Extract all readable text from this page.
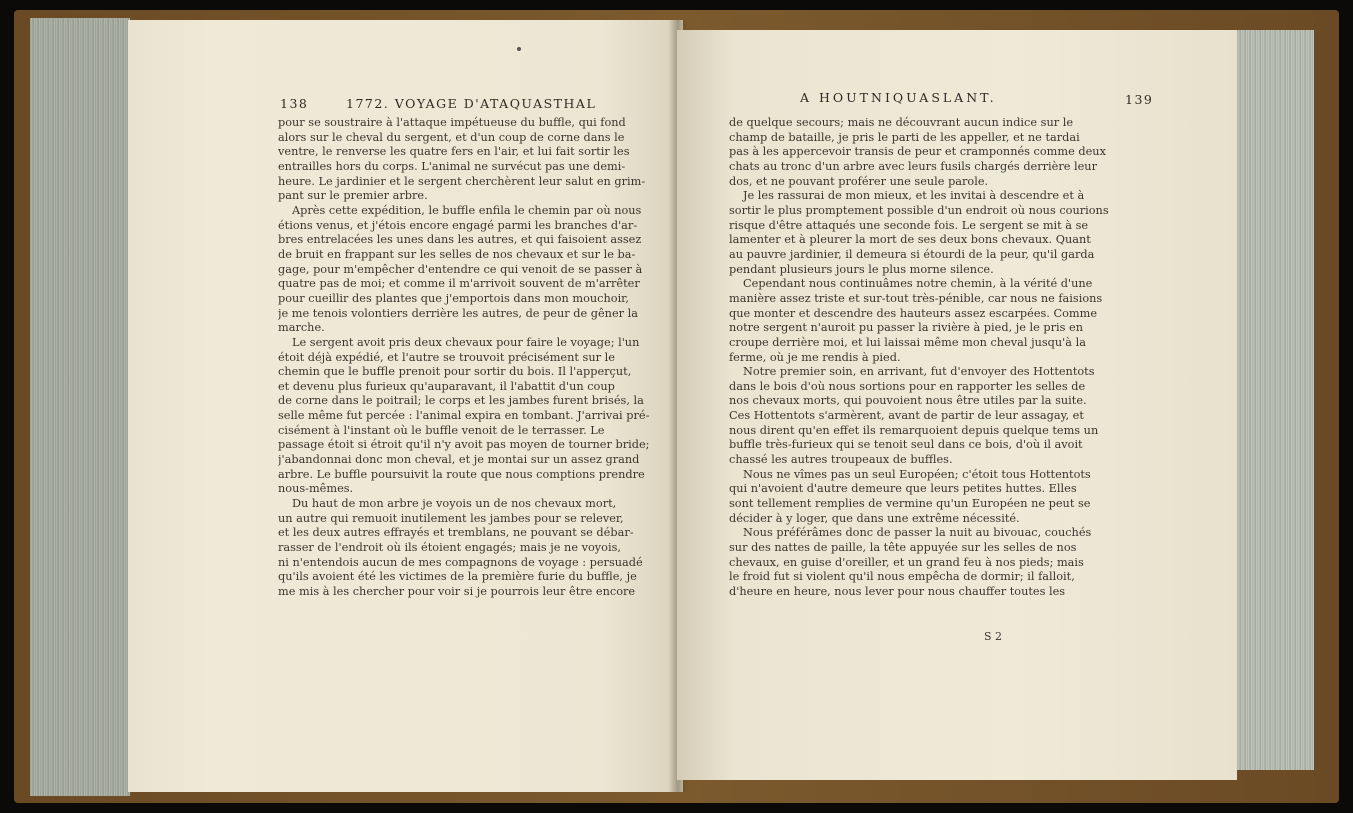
138	1772. VOYAGE D'ATAQUASTHAL
pour se soustraire à l'attaque impétueuse du buffle, qui fond
alors sur le cheval du sergent, et d'un coup de corne dans le
ventre, le renverse les quatre fers en l'air, et lui fait sortir les
entrailles hors du corps. L'animal ne survécut pas une demi-
heure. Le jardinier et le sergent cherchèrent leur salut en grim-
pant sur le premier arbre.
Après cette expédition, le buffle enfila le chemin par où nous
étions venus, et j'étois encore engagé parmi les branches d'ar-
bres entrelacées les unes dans les autres, et qui faisoient assez
de bruit en frappant sur les selles de nos chevaux et sur le ba-
gage, pour m'empêcher d'entendre ce qui venoit de se passer à
quatre pas de moi; et comme il m'arrivoit souvent de m'arrêter
pour cueillir des plantes que j'emportois dans mon mouchoir,
je me tenois volontiers derrière les autres, de peur de gêner la
marche.
Le sergent avoit pris deux chevaux pour faire le voyage; l'un
étoit déjà expédié, et l'autre se trouvoit précisément sur le
chemin que le buffle prenoit pour sortir du bois. Il l'apperçut,
et devenu plus furieux qu'auparavant, il l'abattit d'un coup
de corne dans le poitrail; le corps et les jambes furent brisés, la
selle même fut percée : l'animal expira en tombant. J'arrivai pré-
cisément à l'instant où le buffle venoit de le terrasser. Le
passage étoit si étroit qu'il n'y avoit pas moyen de tourner bride;
j'abandonnai donc mon cheval, et je montai sur un assez grand
arbre. Le buffle poursuivit la route que nous comptions prendre
nous-mêmes.
Du haut de mon arbre je voyois un de nos chevaux mort,
un autre qui remuoit inutilement les jambes pour se relever,
et les deux autres effrayés et tremblans, ne pouvant se débar-
rasser de l'endroit où ils étoient engagés; mais je ne voyois,
ni n'entendois aucun de mes compagnons de voyage : persuadé
qu'ils avoient été les victimes de la première furie du buffle, je
me mis à les chercher pour voir si je pourrois leur être encore
A HOUTNIQUASLANT.	139
de quelque secours; mais ne découvrant aucun indice sur le
champ de bataille, je pris le parti de les appeller, et ne tardai
pas à les appercevoir transis de peur et cramponnés comme deux
chats au tronc d'un arbre avec leurs fusils chargés derrière leur
dos, et ne pouvant proférer une seule parole.
Je les rassurai de mon mieux, et les invitai à descendre et à
sortir le plus promptement possible d'un endroit où nous courions
risque d'être attaqués une seconde fois. Le sergent se mit à se
lamenter et à pleurer la mort de ses deux bons chevaux. Quant
au pauvre jardinier, il demeura si étourdi de la peur, qu'il garda
pendant plusieurs jours le plus morne silence.
Cependant nous continuâmes notre chemin, à la vérité d'une
manière assez triste et sur-tout très-pénible, car nous ne faisions
que monter et descendre des hauteurs assez escarpées. Comme
notre sergent n'auroit pu passer la rivière à pied, je le pris en
croupe derrière moi, et lui laissai même mon cheval jusqu'à la
ferme, où je me rendis à pied.
Notre premier soin, en arrivant, fut d'envoyer des Hottentots
dans le bois d'où nous sortions pour en rapporter les selles de
nos chevaux morts, qui pouvoient nous être utiles par la suite.
Ces Hottentots s'armèrent, avant de partir de leur assagay, et
nous dirent qu'en effet ils remarquoient depuis quelque tems un
buffle très-furieux qui se tenoit seul dans ce bois, d'où il avoit
chassé les autres troupeaux de buffles.
Nous ne vîmes pas un seul Européen; c'étoit tous Hottentots
qui n'avoient d'autre demeure que leurs petites huttes. Elles
sont tellement remplies de vermine qu'un Européen ne peut se
décider à y loger, que dans une extrême nécessité.
Nous préférâmes donc de passer la nuit au bivouac, couchés
sur des nattes de paille, la tête appuyée sur les selles de nos
chevaux, en guise d'oreiller, et un grand feu à nos pieds; mais
le froid fut si violent qu'il nous empêcha de dormir; il falloit,
d'heure en heure, nous lever pour nous chauffer toutes les
S 2
